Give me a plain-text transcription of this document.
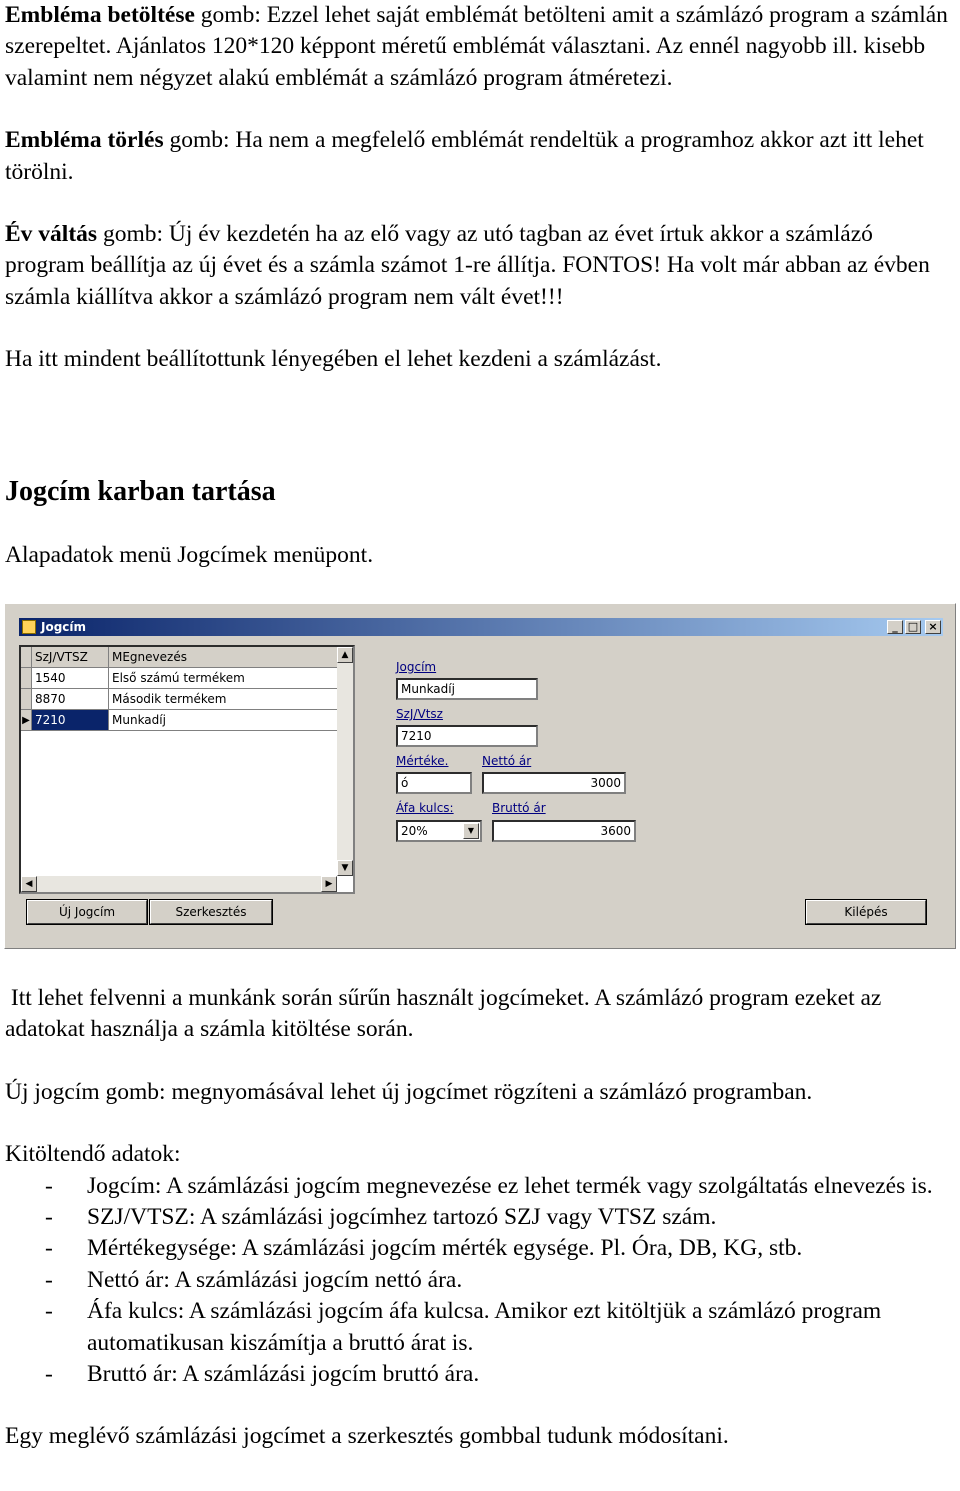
Embléma betöltése gomb: Ezzel lehet saját emblémát betölteni amit a számlázó program a számlán szerepeltet. Ajánlatos 120*120 képpont méretű emblémát választani. Az ennél nagyobb ill. kisebb valamint nem négyzet alakú emblémát a számlázó program átméretezi.

Embléma törlés gomb: Ha nem a megfelelő emblémát rendeltük a programhoz akkor azt itt lehet törölni.

Év váltás gomb: Új év kezdetén ha az elő vagy az utó tagban az évet írtuk akkor a számlázó program beállítja az új évet és a számla számot 1-re állítja. FONTOS! Ha volt már abban az évben számla kiállítva akkor a számlázó program nem vált évet!!!

Ha itt mindent beállítottunk lényegében el lehet kezdeni a számlázást.

Jogcím karban tartása
Alapadatok menü Jogcímek menüpont.
Jogcím	_ □ ×
	SzJ/VTSZ	MEgnevezés
	1540	Első számú termékem
	8870	Második termékem
▶	7210	Munkadíj
▲
▼
◀	▶
Jogcím
Munkadíj
SzJ/Vtsz
7210
Mértéke.
ó
Nettó ár
3000
Áfa kulcs:
20%	▼
Bruttó ár
3600
Új Jogcím	Szerkesztés	Kilépés

Itt lehet felvenni a munkánk során sűrűn használt jogcímeket. A számlázó program ezeket az adatokat használja a számla kitöltése során.

Új jogcím gomb: megnyomásával lehet új jogcímet rögzíteni a számlázó programban.

Kitöltendő adatok:

- Jogcím: A számlázási jogcím megnevezése ez lehet termék vagy szolgáltatás elnevezés is.
- SZJ/VTSZ: A számlázási jogcímhez tartozó SZJ vagy VTSZ szám.
- Mértékegysége: A számlázási jogcím mérték egysége. Pl. Óra, DB, KG, stb.
- Nettó ár: A számlázási jogcím nettó ára.
- Áfa kulcs: A számlázási jogcím áfa kulcsa. Amikor ezt kitöltjük a számlázó program automatikusan kiszámítja a bruttó árat is.
- Bruttó ár: A számlázási jogcím bruttó ára.

Egy meglévő számlázási jogcímet a szerkesztés gombbal tudunk módosítani.
